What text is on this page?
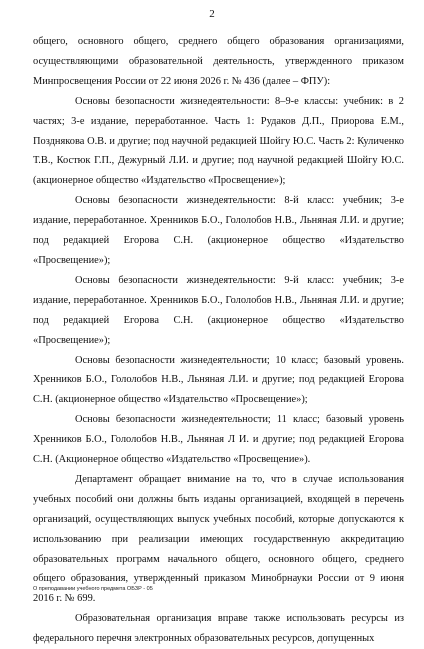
2

общего, основного общего, среднего общего образования организациями, осуществляющими образовательной деятельность, утвержденного приказом Минпросвещения России от 22 июня 2026 г. № 436 (далее – ФПУ):

Основы безопасности жизнедеятельности: 8–9-е классы: учебник: в 2 частях; 3-е издание, переработанное. Часть 1: Рудаков Д.П., Приорова Е.М., Позднякова О.В. и другие; под научной редакцией Шойгу Ю.С. Часть 2: Куличенко Т.В., Костюк Г.П., Дежурный Л.И. и другие; под научной редакцией Шойгу Ю.С. (акционерное общество «Издательство «Просвещение»);

Основы безопасности жизнедеятельности: 8-й класс: учебник; 3-е издание, переработанное. Хренников Б.О., Гололобов Н.В., Льняная Л.И. и другие; под редакцией Егорова С.Н. (акционерное общество «Издательство «Просвещение»);

Основы безопасности жизнедеятельности: 9-й класс: учебник; 3-е издание, переработанное. Хренников Б.О., Гололобов Н.В., Льняная Л.И. и другие; под редакцией Егорова С.Н. (акционерное общество «Издательство «Просвещение»);

Основы безопасности жизнедеятельности; 10 класс; базовый уровень. Хренников Б.О., Гололобов Н.В., Льняная Л.И. и другие; под редакцией Егорова С.Н. (акционерное общество «Издательство «Просвещение»);

Основы безопасности жизнедеятельности; 11 класс; базовый уровень Хренников Б.О., Гололобов Н.В., Льняная Л И. и другие; под редакцией Егорова С.Н. (Акционерное общество «Издательство «Просвещение»).

Департамент обращает внимание на то, что в случае использования учебных пособий они должны быть изданы организацией, входящей в перечень организаций, осуществляющих выпуск учебных пособий, которые допускаются к использованию при реализации имеющих государственную аккредитацию образовательных программ начального общего, основного общего, среднего общего образования, утвержденный приказом Минобрнауки России от 9 июня 2016 г. № 699.

Образовательная организация вправе также использовать ресурсы из федерального перечня электронных образовательных ресурсов, допущенных

О преподавании учебного предмета ОБЗР - 05
